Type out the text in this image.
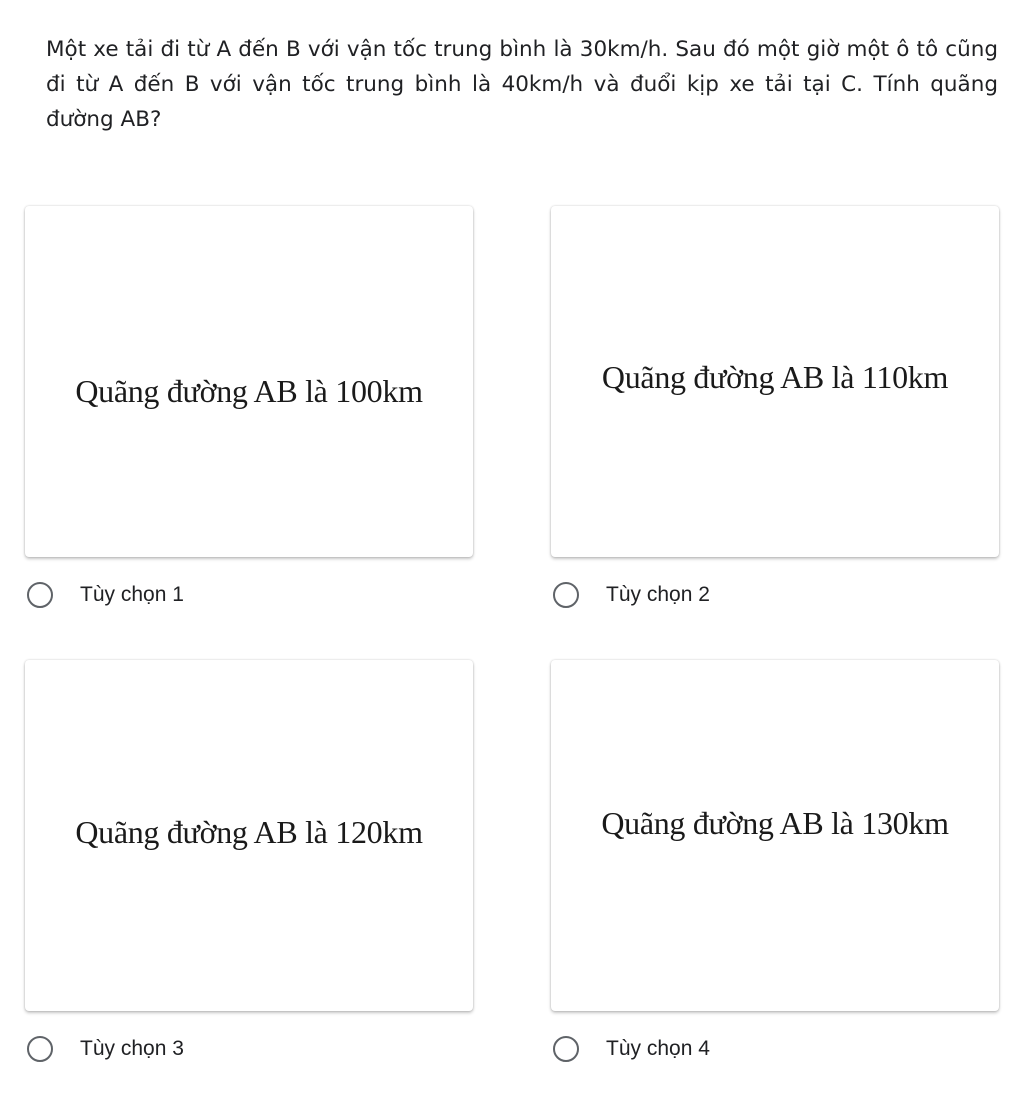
Một xe tải đi từ A đến B với vận tốc trung bình là 30km/h. Sau đó một giờ một ô tô cũng đi từ A đến B với vận tốc trung bình là 40km/h và đuổi kịp xe tải tại C. Tính quãng đường AB?

Quãng đường AB là 100km
Tùy chọn 1
Quãng đường AB là 110km
Tùy chọn 2
Quãng đường AB là 120km
Tùy chọn 3
Quãng đường AB là 130km
Tùy chọn 4
